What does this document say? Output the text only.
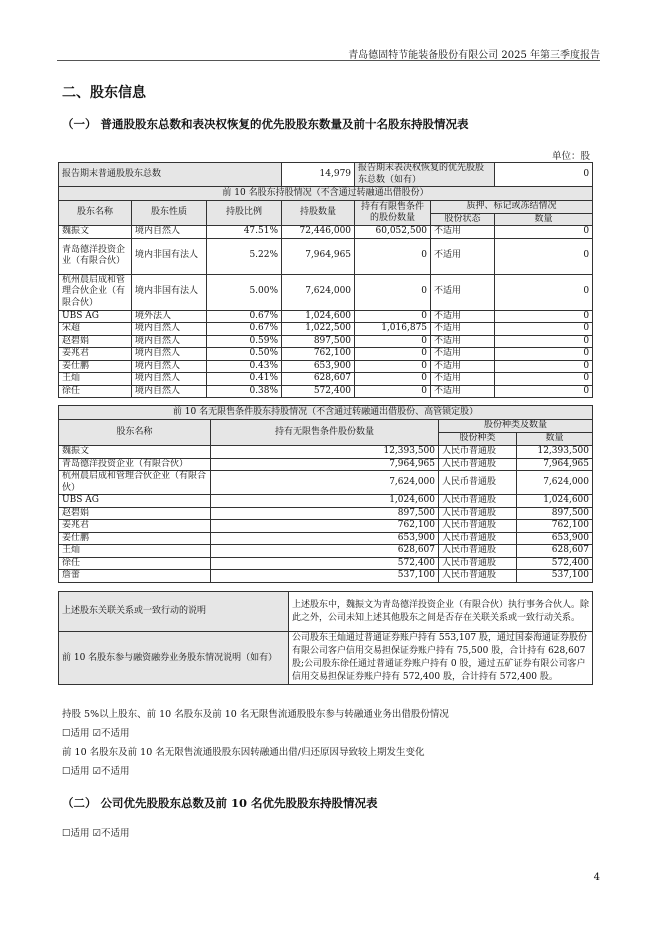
青岛德固特节能装备股份有限公司 2025 年第三季度报告
二、股东信息
（一） 普通股股东总数和表决权恢复的优先股股东数量及前十名股东持股情况表
单位：股
报告期末普通股股东总数			14,979	报告期末表决权恢复的优先股股东总数（如有）		0
前 10 名股东持股情况（不含通过转融通出借股份）						
股东名称	股东性质	持股比例	持股数量	持有有限售条件的股份数量	质押、标记或冻结情况	
					股份状态	数量
魏振文	境内自然人	47.51%	72,446,000	60,052,500	不适用	0
青岛德洋投资企业（有限合伙）	境内非国有法人	5.22%	7,964,965	0	不适用	0
杭州晨启成和管理合伙企业（有限合伙）	境内非国有法人	5.00%	7,624,000	0	不适用	0
UBS AG	境外法人	0.67%	1,024,600	0	不适用	0
宋超	境内自然人	0.67%	1,022,500	1,016,875	不适用	0
赵碧娟	境内自然人	0.59%	897,500	0	不适用	0
姜兆君	境内自然人	0.50%	762,100	0	不适用	0
姜仕鹏	境内自然人	0.43%	653,900	0	不适用	0
王灿	境内自然人	0.41%	628,607	0	不适用	0
徐任	境内自然人	0.38%	572,400	0	不适用	0
前 10 名无限售条件股东持股情况（不含通过转融通出借股份、高管锁定股）			
股东名称	持有无限售条件股份数量	股份种类及数量	
		股份种类	数量
魏振文	12,393,500	人民币普通股	12,393,500
青岛德洋投资企业（有限合伙）	7,964,965	人民币普通股	7,964,965
杭州晨启成和管理合伙企业（有限合伙）	7,624,000	人民币普通股	7,624,000
UBS AG	1,024,600	人民币普通股	1,024,600
赵碧娟	897,500	人民币普通股	897,500
姜兆君	762,100	人民币普通股	762,100
姜仕鹏	653,900	人民币普通股	653,900
王灿	628,607	人民币普通股	628,607
徐任	572,400	人民币普通股	572,400
詹蕾	537,100	人民币普通股	537,100
上述股东关联关系或一致行动的说明	上述股东中，魏振文为青岛德洋投资企业（有限合伙）执行事务合伙人。除此之外，公司未知上述其他股东之间是否存在关联关系或一致行动关系。
前 10 名股东参与融资融券业务股东情况说明（如有）	公司股东王灿通过普通证券账户持有 553,107 股，通过国泰海通证券股份有限公司客户信用交易担保证券账户持有 75,500 股，合计持有 628,607 股;公司股东徐任通过普通证券账户持有 0 股，通过五矿证券有限公司客户信用交易担保证券账户持有 572,400 股，合计持有 572,400 股。
持股 5%以上股东、前 10 名股东及前 10 名无限售流通股股东参与转融通业务出借股份情况
☐适用 ☑不适用
前 10 名股东及前 10 名无限售流通股股东因转融通出借/归还原因导致较上期发生变化
☐适用 ☑不适用
（二） 公司优先股股东总数及前 10 名优先股股东持股情况表
☐适用 ☑不适用
4
